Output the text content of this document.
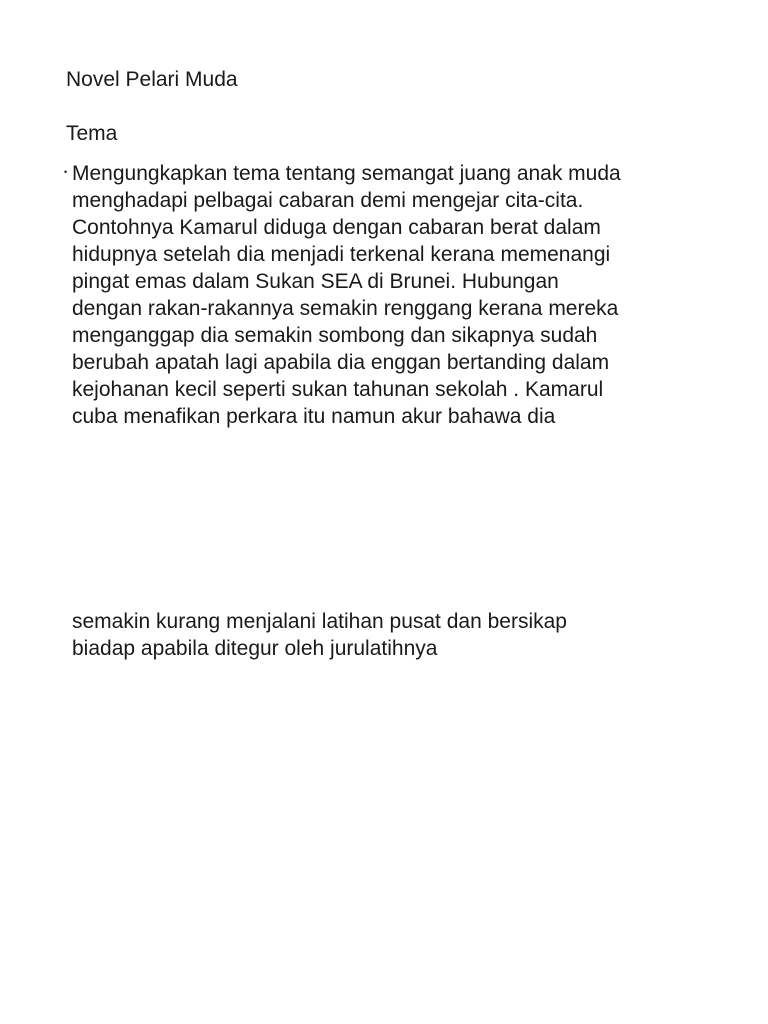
Novel Pelari Muda
Tema
• Mengungkapkan tema tentang semangat juang anak muda
menghadapi pelbagai cabaran demi mengejar cita-cita.
Contohnya Kamarul diduga dengan cabaran berat dalam
hidupnya setelah dia menjadi terkenal kerana memenangi
pingat emas dalam Sukan SEA di Brunei. Hubungan
dengan rakan-rakannya semakin renggang kerana mereka
menganggap dia semakin sombong dan sikapnya sudah
berubah apatah lagi apabila dia enggan bertanding dalam
kejohanan kecil seperti sukan tahunan sekolah . Kamarul
cuba menafikan perkara itu namun akur bahawa dia
semakin kurang menjalani latihan pusat dan bersikap
biadap apabila ditegur oleh jurulatihnya
